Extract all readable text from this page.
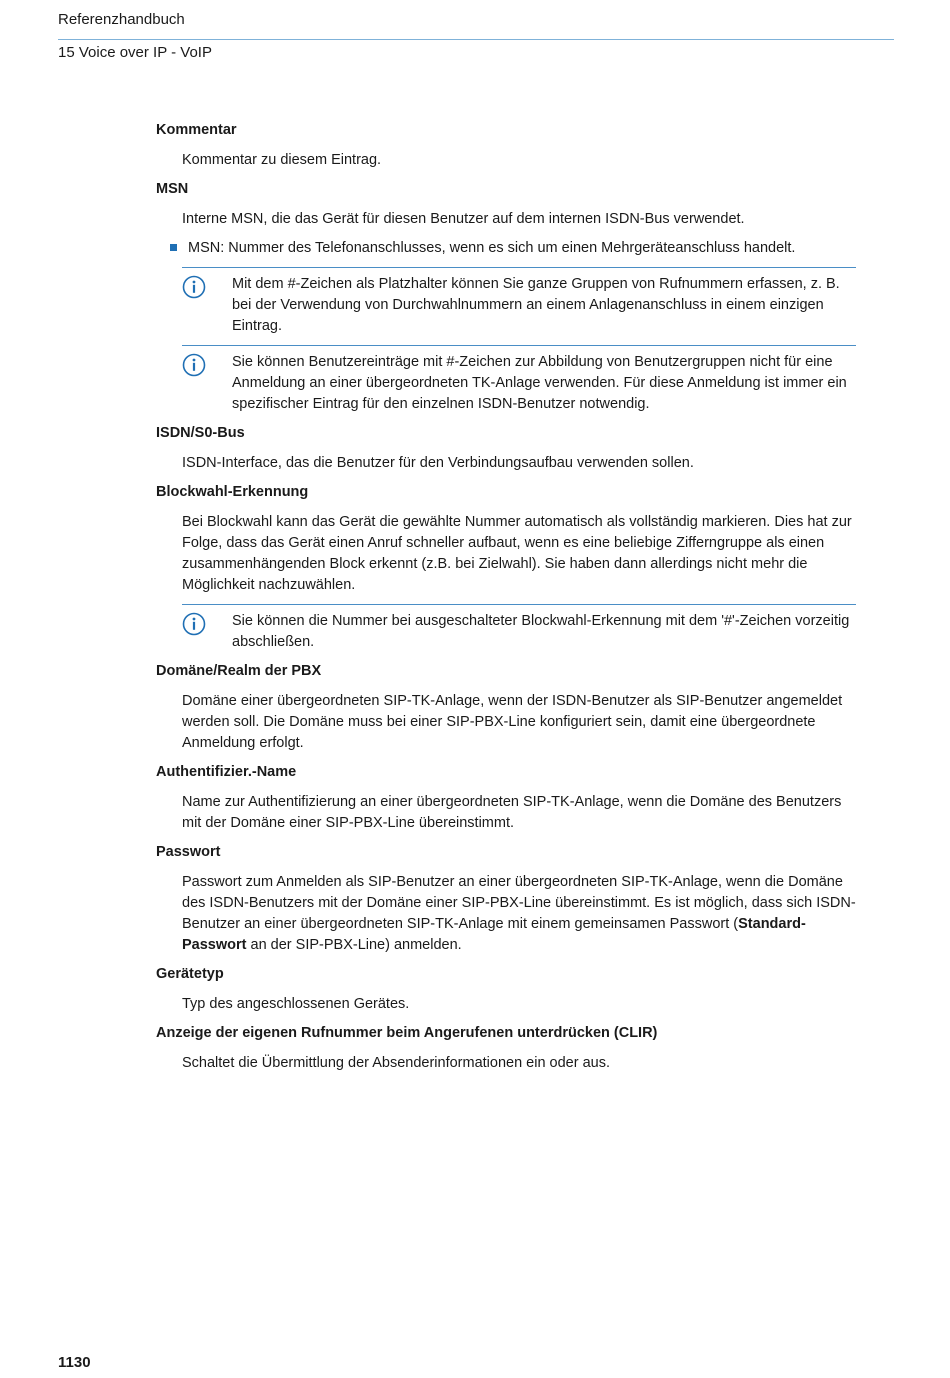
Referenzhandbuch
15 Voice over IP - VoIP
Kommentar
Kommentar zu diesem Eintrag.
MSN
Interne MSN, die das Gerät für diesen Benutzer auf dem internen ISDN-Bus verwendet.
MSN: Nummer des Telefonanschlusses, wenn es sich um einen Mehrgeräteanschluss handelt.
Mit dem #-Zeichen als Platzhalter können Sie ganze Gruppen von Rufnummern erfassen, z. B. bei der Verwendung von Durchwahlnummern an einem Anlagenanschluss in einem einzigen Eintrag.
Sie können Benutzereinträge mit #-Zeichen zur Abbildung von Benutzergruppen nicht für eine Anmeldung an einer übergeordneten TK-Anlage verwenden. Für diese Anmeldung ist immer ein spezifischer Eintrag für den einzelnen ISDN-Benutzer notwendig.
ISDN/S0-Bus
ISDN-Interface, das die Benutzer für den Verbindungsaufbau verwenden sollen.
Blockwahl-Erkennung
Bei Blockwahl kann das Gerät die gewählte Nummer automatisch als vollständig markieren. Dies hat zur Folge, dass das Gerät einen Anruf schneller aufbaut, wenn es eine beliebige Zifferngruppe als einen zusammenhängenden Block erkennt (z.B. bei Zielwahl). Sie haben dann allerdings nicht mehr die Möglichkeit nachzuwählen.
Sie können die Nummer bei ausgeschalteter Blockwahl-Erkennung mit dem '#'-Zeichen vorzeitig abschließen.
Domäne/Realm der PBX
Domäne einer übergeordneten SIP-TK-Anlage, wenn der ISDN-Benutzer als SIP-Benutzer angemeldet werden soll. Die Domäne muss bei einer SIP-PBX-Line konfiguriert sein, damit eine übergeordnete Anmeldung erfolgt.
Authentifizier.-Name
Name zur Authentifizierung an einer übergeordneten SIP-TK-Anlage, wenn die Domäne des Benutzers mit der Domäne einer SIP-PBX-Line übereinstimmt.
Passwort
Passwort zum Anmelden als SIP-Benutzer an einer übergeordneten SIP-TK-Anlage, wenn die Domäne des ISDN-Benutzers mit der Domäne einer SIP-PBX-Line übereinstimmt. Es ist möglich, dass sich ISDN-Benutzer an einer übergeordneten SIP-TK-Anlage mit einem gemeinsamen Passwort (Standard-Passwort an der SIP-PBX-Line) anmelden.
Gerätetyp
Typ des angeschlossenen Gerätes.
Anzeige der eigenen Rufnummer beim Angerufenen unterdrücken (CLIR)
Schaltet die Übermittlung der Absenderinformationen ein oder aus.
1130
